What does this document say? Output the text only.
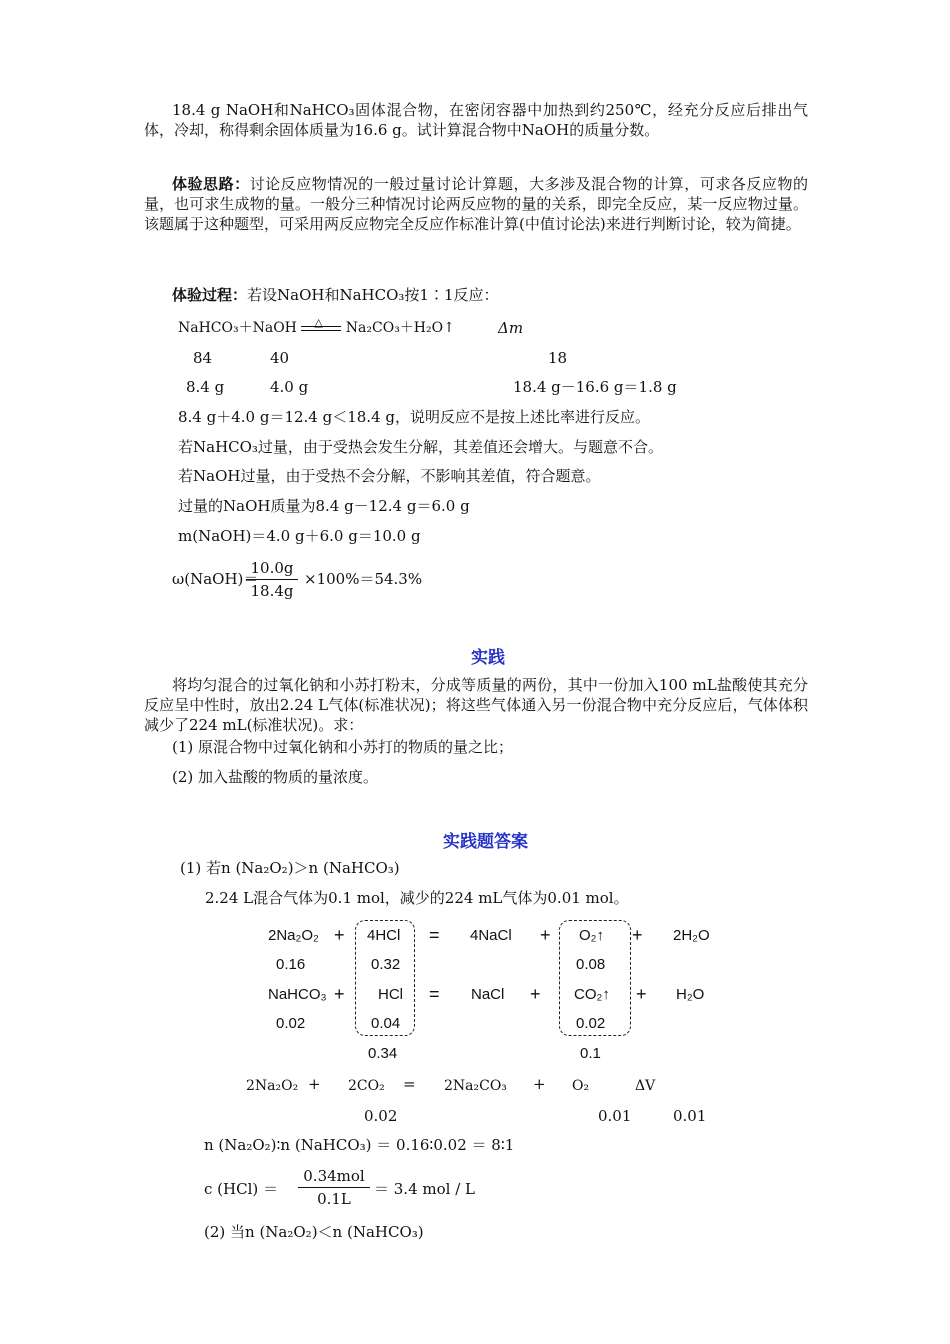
18.4 g NaOH和NaHCO₃固体混合物，在密闭容器中加热到约250℃，经充分反应后排出气体，冷却，称得剩余固体质量为16.6 g。试计算混合物中NaOH的质量分数。
体验思路：讨论反应物情况的一般过量讨论计算题，大多涉及混合物的计算，可求各反应物的量，也可求生成物的量。一般分三种情况讨论两反应物的量的关系，即完全反应，某一反应物过量。该题属于这种题型，可采用两反应物完全反应作标准计算(中值讨论法)来进行判断讨论，较为简捷。
体验过程：若设NaOH和NaHCO₃按1∶1反应：
NaHCO₃＋NaOH △ Na₂CO₃＋H₂O↑	Δm
84	40	18
8.4 g	4.0 g	18.4 g－16.6 g＝1.8 g
8.4 g＋4.0 g＝12.4 g＜18.4 g，说明反应不是按上述比率进行反应。
若NaHCO₃过量，由于受热会发生分解，其差值还会增大。与题意不合。
若NaOH过量，由于受热不会分解，不影响其差值，符合题意。
过量的NaOH质量为8.4 g－12.4 g＝6.0 g
m(NaOH)＝4.0 g＋6.0 g＝10.0 g
ω(NaOH)＝
10.0g
18.4g
×100%＝54.3%
实践
将均匀混合的过氧化钠和小苏打粉末，分成等质量的两份，其中一份加入100 mL盐酸使其充分反应呈中性时，放出2.24 L气体(标准状况)；将这些气体通入另一份混合物中充分反应后，气体体积减少了224 mL(标准状况)。求：
(1) 原混合物中过氧化钠和小苏打的物质的量之比；
(2) 加入盐酸的物质的量浓度。
实践题答案
(1) 若n (Na₂O₂)＞n (NaHCO₃)
2.24 L混合气体为0.1 mol，减少的224 mL气体为0.01 mol。
2Na₂O₂ + 4HCl = 4NaCl + O₂↑ + 2H₂O
0.16	0.32	0.08
NaHCO₃ + HCl = NaCl + CO₂↑ + H₂O
0.02	0.04	0.02
0.34	0.1
2Na₂O₂ + 2CO₂ = 2Na₂CO₃ + O₂	ΔV
0.02	0.01	0.01
n (Na₂O₂)∶n (NaHCO₃) ＝ 0.16∶0.02 ＝ 8∶1
c (HCl) ＝
0.34mol
0.1L
＝ 3.4 mol / L
(2) 当n (Na₂O₂)＜n (NaHCO₃)
